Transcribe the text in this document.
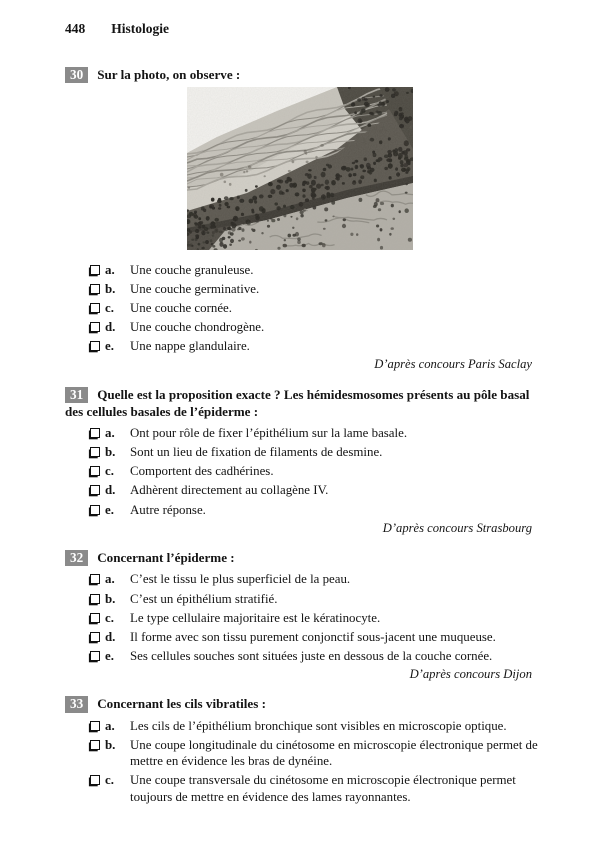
448 Histologie
30 Sur la photo, on observe :
a.	Une couche granuleuse.
b.	Une couche germinative.
c.	Une couche cornée.
d.	Une couche chondrogène.
e.	Une nappe glandulaire.
D’après concours Paris Saclay
31 Quelle est la proposition exacte ? Les hémidesmosomes présents au pôle basal des cellules basales de l’épiderme :
a.	Ont pour rôle de fixer l’épithélium sur la lame basale.
b.	Sont un lieu de fixation de filaments de desmine.
c.	Comportent des cadhérines.
d.	Adhèrent directement au collagène IV.
e.	Autre réponse.
D’après concours Strasbourg
32 Concernant l’épiderme :
a.	C’est le tissu le plus superficiel de la peau.
b.	C’est un épithélium stratifié.
c.	Le type cellulaire majoritaire est le kératinocyte.
d.	Il forme avec son tissu purement conjonctif sous-jacent une muqueuse.
e.	Ses cellules souches sont situées juste en dessous de la couche cornée.
D’après concours Dijon
33 Concernant les cils vibratiles :
a.	Les cils de l’épithélium bronchique sont visibles en microscopie optique.
b.	Une coupe longitudinale du cinétosome en microscopie électronique permet de mettre en évidence les bras de dynéine.
c.	Une coupe transversale du cinétosome en microscopie électronique permet toujours de mettre en évidence des lames rayonnantes.
